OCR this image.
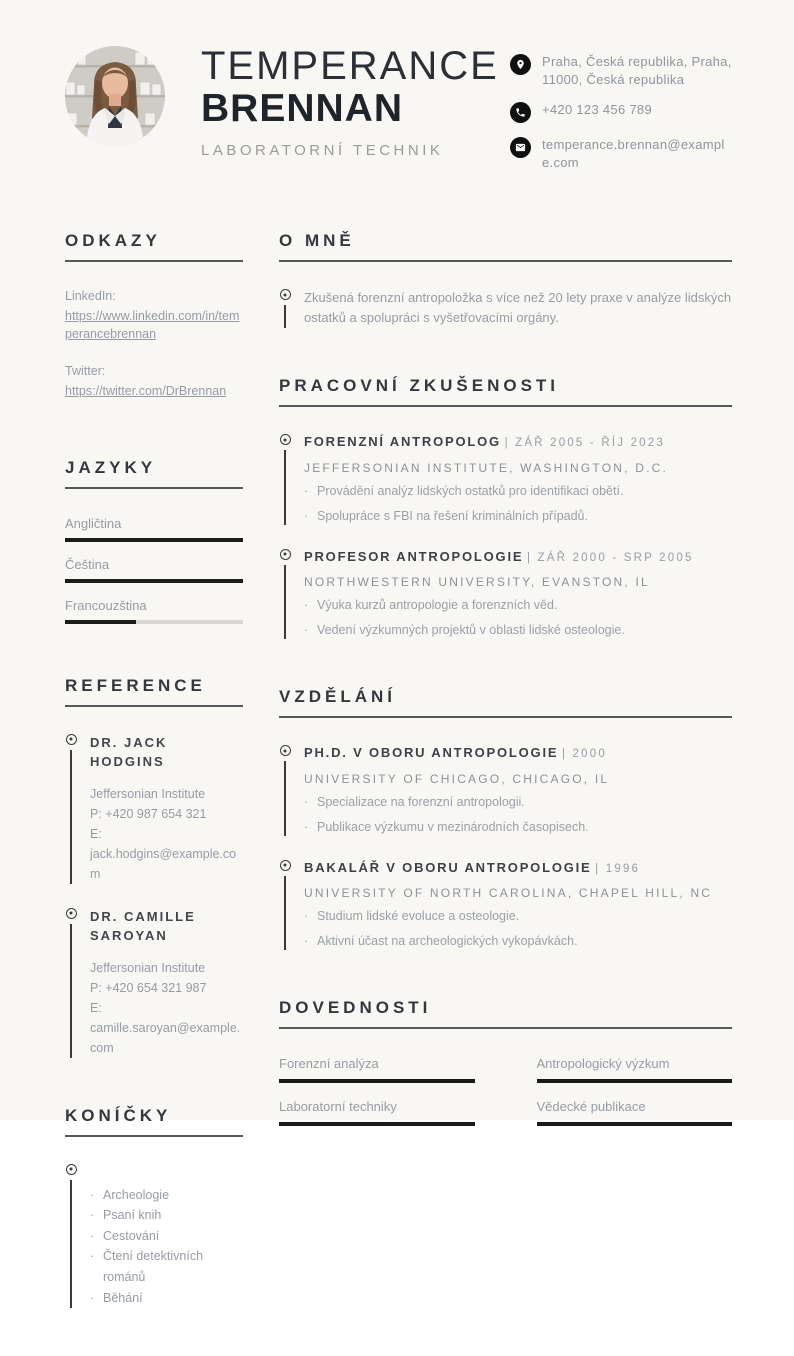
TEMPERANCE
BRENNAN
LABORATORNÍ TECHNIK
Praha, Česká republika, Praha, 11000, Česká republika
+420 123 456 789
temperance.brennan@example.com
ODKAZY
LinkedIn:
https://www.linkedin.com/in/temperancebrennan
Twitter:
https://twitter.com/DrBrennan
JAZYKY
Angličtina
Čeština
Francouzština
REFERENCE
DR. JACK HODGINS
Jeffersonian Institute
P: +420 987 654 321
E: jack.hodgins@example.com
DR. CAMILLE SAROYAN
Jeffersonian Institute
P: +420 654 321 987
E: camille.saroyan@example.com
KONÍČKY
· Archeologie
· Psaní knih
· Cestování
· Čtení detektivních románů
· Běhání
O MNĚ

Zkušená forenzní antropoložka s více než 20 lety praxe v analýze lidských ostatků a spolupráci s vyšetřovacími orgány.

PRACOVNÍ ZKUŠENOSTI
FORENZNÍ ANTROPOLOG | ZÁŘ 2005 - ŘÍJ 2023
JEFFERSONIAN INSTITUTE, WASHINGTON, D.C.
· Provádění analýz lidských ostatků pro identifikaci obětí.
· Spolupráce s FBI na řešení kriminálních případů.
PROFESOR ANTROPOLOGIE | ZÁŘ 2000 - SRP 2005
NORTHWESTERN UNIVERSITY, EVANSTON, IL
· Výuka kurzů antropologie a forenzních věd.
· Vedení výzkumných projektů v oblasti lidské osteologie.
VZDĚLÁNÍ
PH.D. V OBORU ANTROPOLOGIE | 2000
UNIVERSITY OF CHICAGO, CHICAGO, IL
· Specializace na forenzní antropologii.
· Publikace výzkumu v mezinárodních časopisech.
BAKALÁŘ V OBORU ANTROPOLOGIE | 1996
UNIVERSITY OF NORTH CAROLINA, CHAPEL HILL, NC
· Studium lidské evoluce a osteologie.
· Aktivní účast na archeologických vykopávkách.
DOVEDNOSTI
Forenzní analýza	Antropologický výzkum
Laboratorní techniky	Vědecké publikace
